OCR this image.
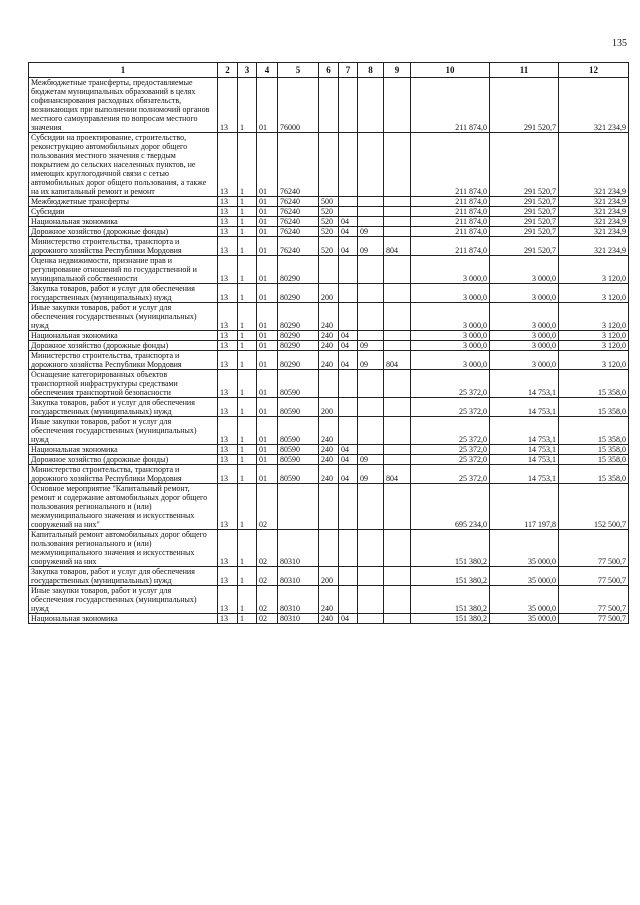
135
1	2	3	4	5	6	7	8	9	10	11	12
Межбюджетные трансферты, предоставляемые бюджетам муниципальных образований в целях софинансирования расходных обязательств, возникающих при выполнении полномочий органов местного самоуправления по вопросам местного значения	13	1	01	76000					211 874,0	291 520,7	321 234,9
Субсидии на проектирование, строительство, реконструкцию автомобильных дорог общего пользования местного значения с твердым покрытием до сельских населенных пунктов, не имеющих круглогодичной связи с сетью автомобильных дорог общего пользования, а также на их капитальный ремонт и ремонт	13	1	01	76240					211 874,0	291 520,7	321 234,9
Межбюджетные трансферты	13	1	01	76240	500				211 874,0	291 520,7	321 234,9
Субсидии	13	1	01	76240	520				211 874,0	291 520,7	321 234,9
Национальная экономика	13	1	01	76240	520	04			211 874,0	291 520,7	321 234,9
Дорожное хозяйство (дорожные фонды)	13	1	01	76240	520	04	09		211 874,0	291 520,7	321 234,9
Министерство строительства, транспорта и дорожного хозяйства Республики Мордовия	13	1	01	76240	520	04	09	804	211 874,0	291 520,7	321 234,9
Оценка недвижимости, признание прав и регулирование отношений по государственной и муниципальной собственности	13	1	01	80290					3 000,0	3 000,0	3 120,0
Закупка товаров, работ и услуг для обеспечения государственных (муниципальных) нужд	13	1	01	80290	200				3 000,0	3 000,0	3 120,0
Иные закупки товаров, работ и услуг для обеспечения государственных (муниципальных) нужд	13	1	01	80290	240				3 000,0	3 000,0	3 120,0
Национальная экономика	13	1	01	80290	240	04			3 000,0	3 000,0	3 120,0
Дорожное хозяйство (дорожные фонды)	13	1	01	80290	240	04	09		3 000,0	3 000,0	3 120,0
Министерство строительства, транспорта и дорожного хозяйства Республики Мордовия	13	1	01	80290	240	04	09	804	3 000,0	3 000,0	3 120,0
Оснащение категорированных объектов транспортной инфраструктуры средствами обеспечения транспортной безопасности	13	1	01	80590					25 372,0	14 753,1	15 358,0
Закупка товаров, работ и услуг для обеспечения государственных (муниципальных) нужд	13	1	01	80590	200				25 372,0	14 753,1	15 358,0
Иные закупки товаров, работ и услуг для обеспечения государственных (муниципальных) нужд	13	1	01	80590	240				25 372,0	14 753,1	15 358,0
Национальная экономика	13	1	01	80590	240	04			25 372,0	14 753,1	15 358,0
Дорожное хозяйство (дорожные фонды)	13	1	01	80590	240	04	09		25 372,0	14 753,1	15 358,0
Министерство строительства, транспорта и дорожного хозяйства Республики Мордовия	13	1	01	80590	240	04	09	804	25 372,0	14 753,1	15 358,0
Основное мероприятие "Капитальный ремонт, ремонт и содержание автомобильных дорог общего пользования регионального и (или) межмуниципального значения и искусственных сооружений на них"	13	1	02						695 234,0	117 197,8	152 500,7
Капитальный ремонт автомобильных дорог общего пользования регионального и (или) межмуниципального значения и искусственных сооружений на них	13	1	02	80310					151 380,2	35 000,0	77 500,7
Закупка товаров, работ и услуг для обеспечения государственных (муниципальных) нужд	13	1	02	80310	200				151 380,2	35 000,0	77 500,7
Иные закупки товаров, работ и услуг для обеспечения государственных (муниципальных) нужд	13	1	02	80310	240				151 380,2	35 000,0	77 500,7
Национальная экономика	13	1	02	80310	240	04			151 380,2	35 000,0	77 500,7
